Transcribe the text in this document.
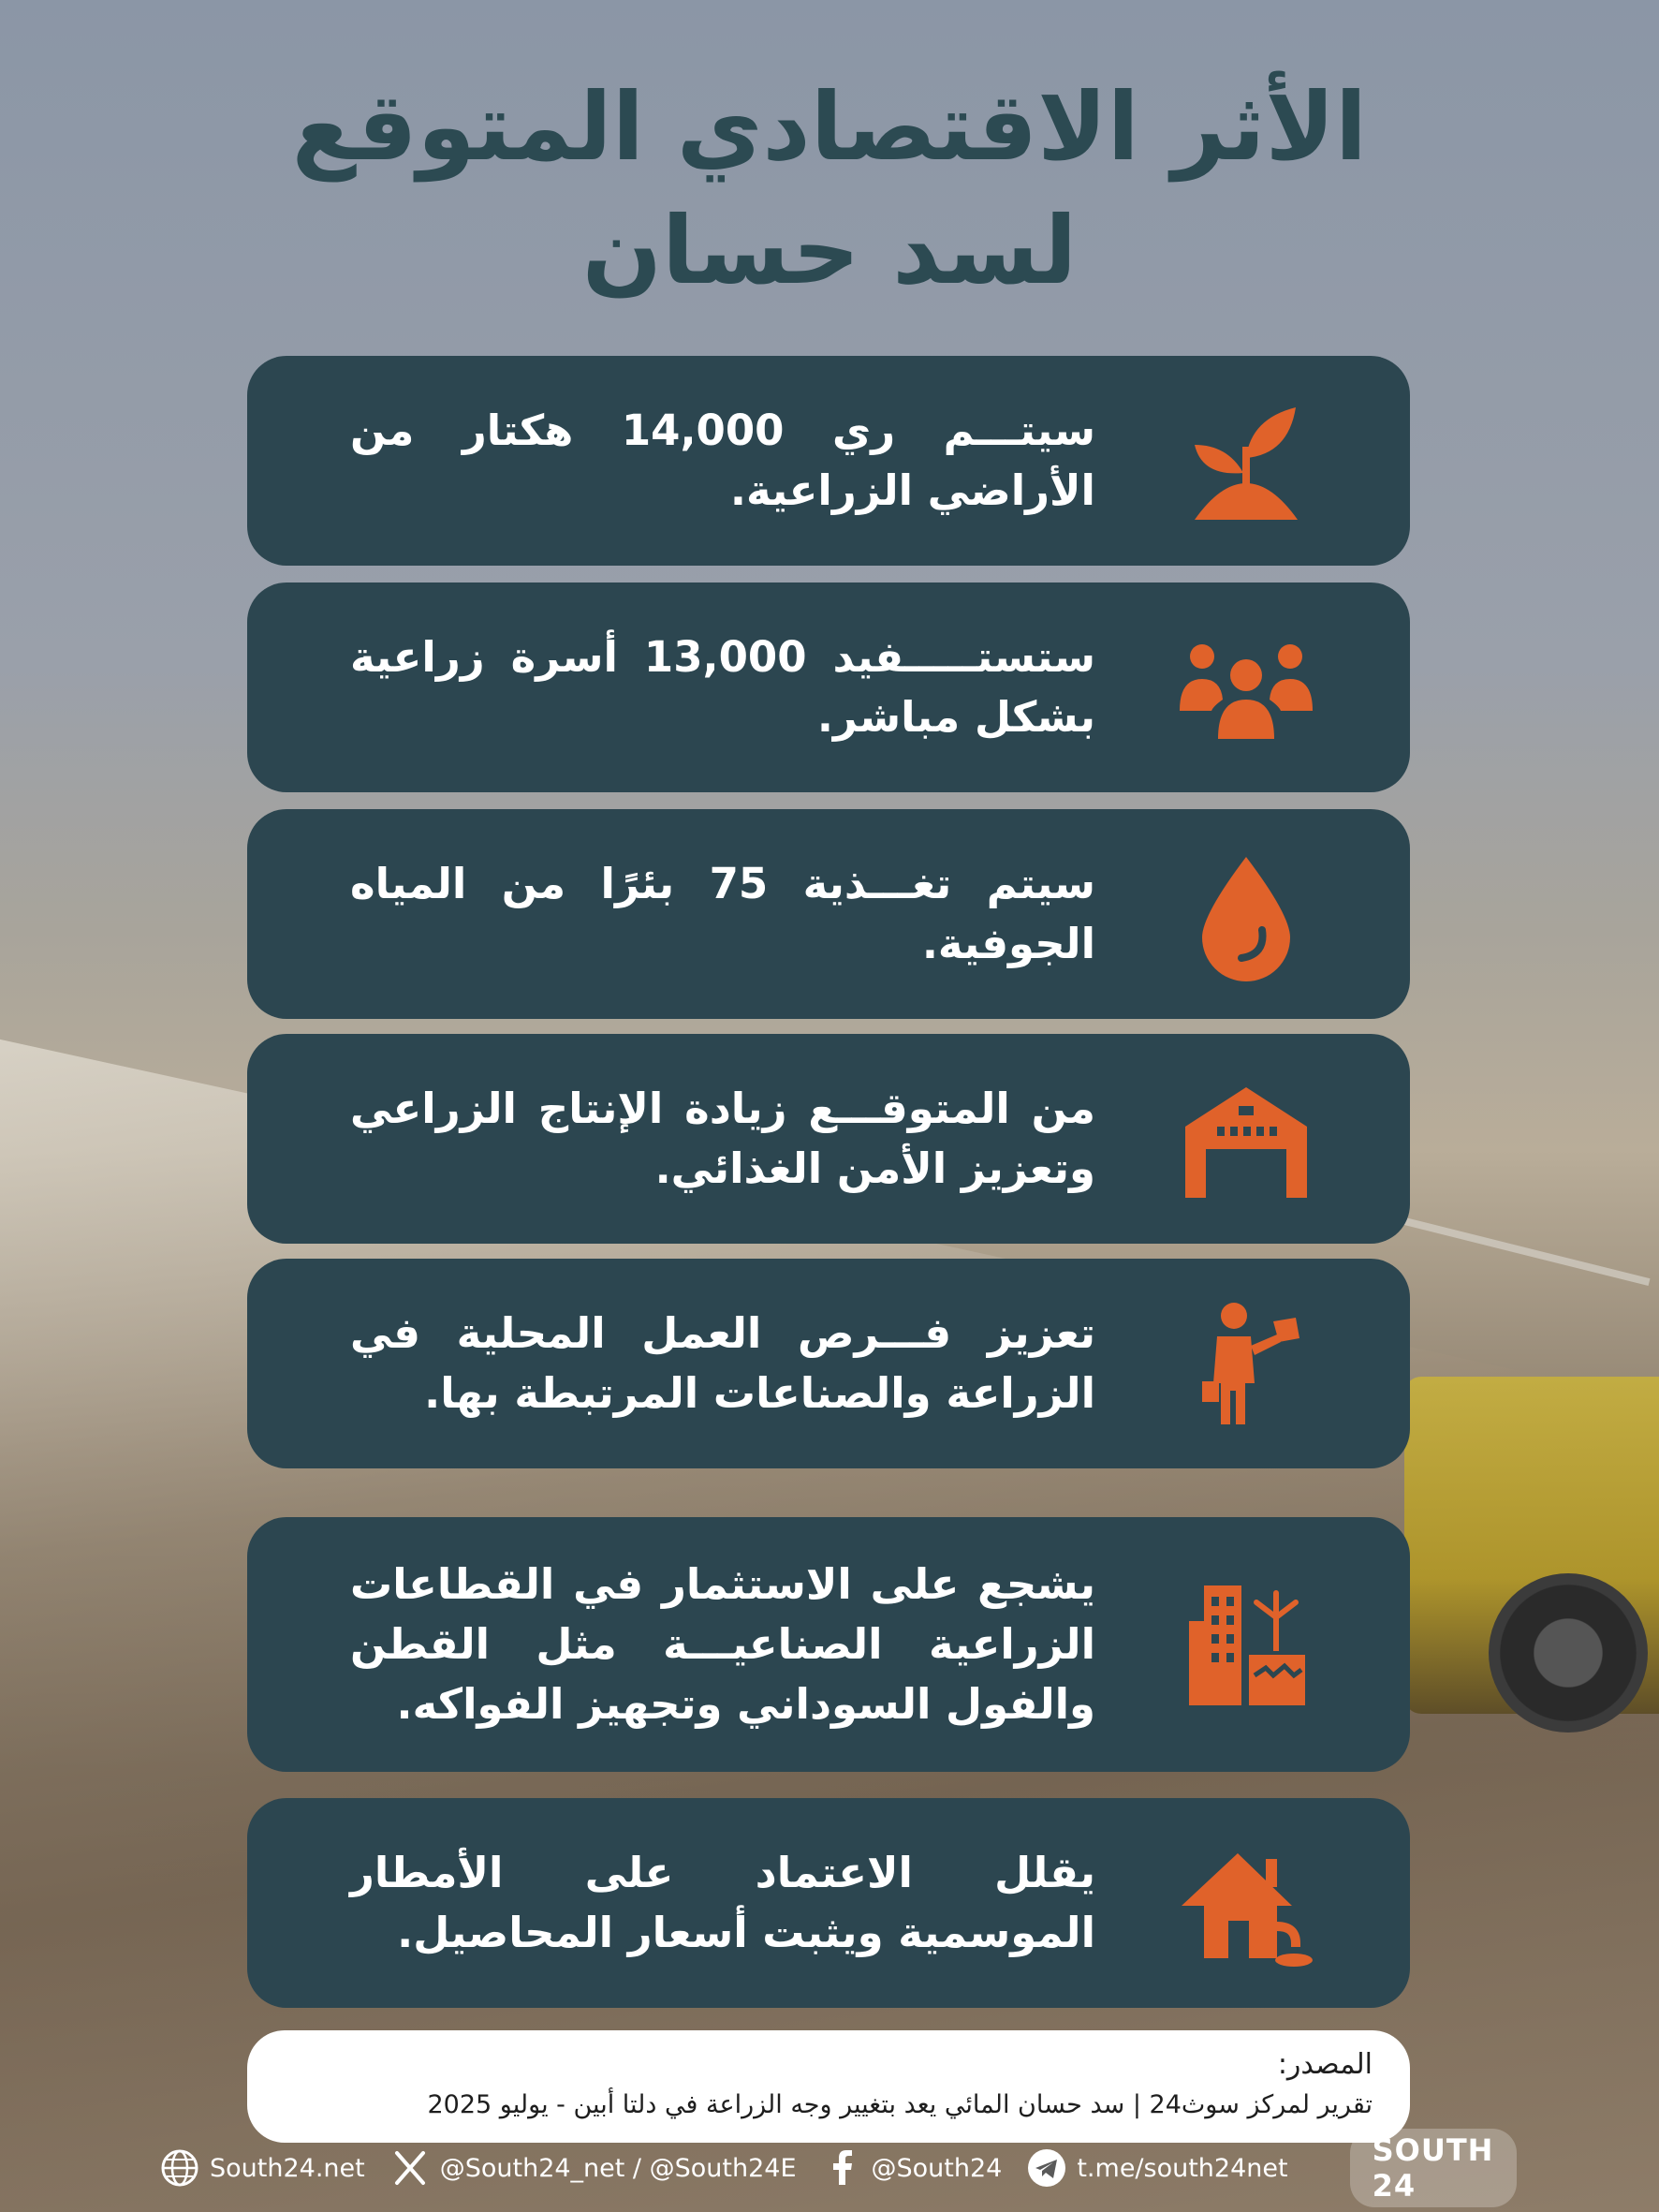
الأثر الاقتصادي المتوقع
لسد حسان
سيتـــم ري 14,000 هكتار من الأراضي الزراعية.
ستستـــــفيد 13,000 أسرة زراعية بشكل مباشر.
سيتم تغـــذية 75 بئرًا من المياه الجوفية.
من المتوقـــع زيادة الإنتاج الزراعي وتعزيز الأمن الغذائي.
تعزيز فـــرص العمل المحلية في الزراعة والصناعات المرتبطة بها.
يشجع على الاستثمار في القطاعات الزراعية الصناعيـــة مثل القطن والفول السوداني وتجهيز الفواكه.
يقلل الاعتماد على الأمطار الموسمية ويثبت أسعار المحاصيل.
المصدر:
تقرير لمركز سوث24 | سد حسان المائي يعد بتغيير وجه الزراعة في دلتا أبين - يوليو 2025
South24.net	@South24_net / @South24E	@South24	t.me/south24net	SOUTH 24
